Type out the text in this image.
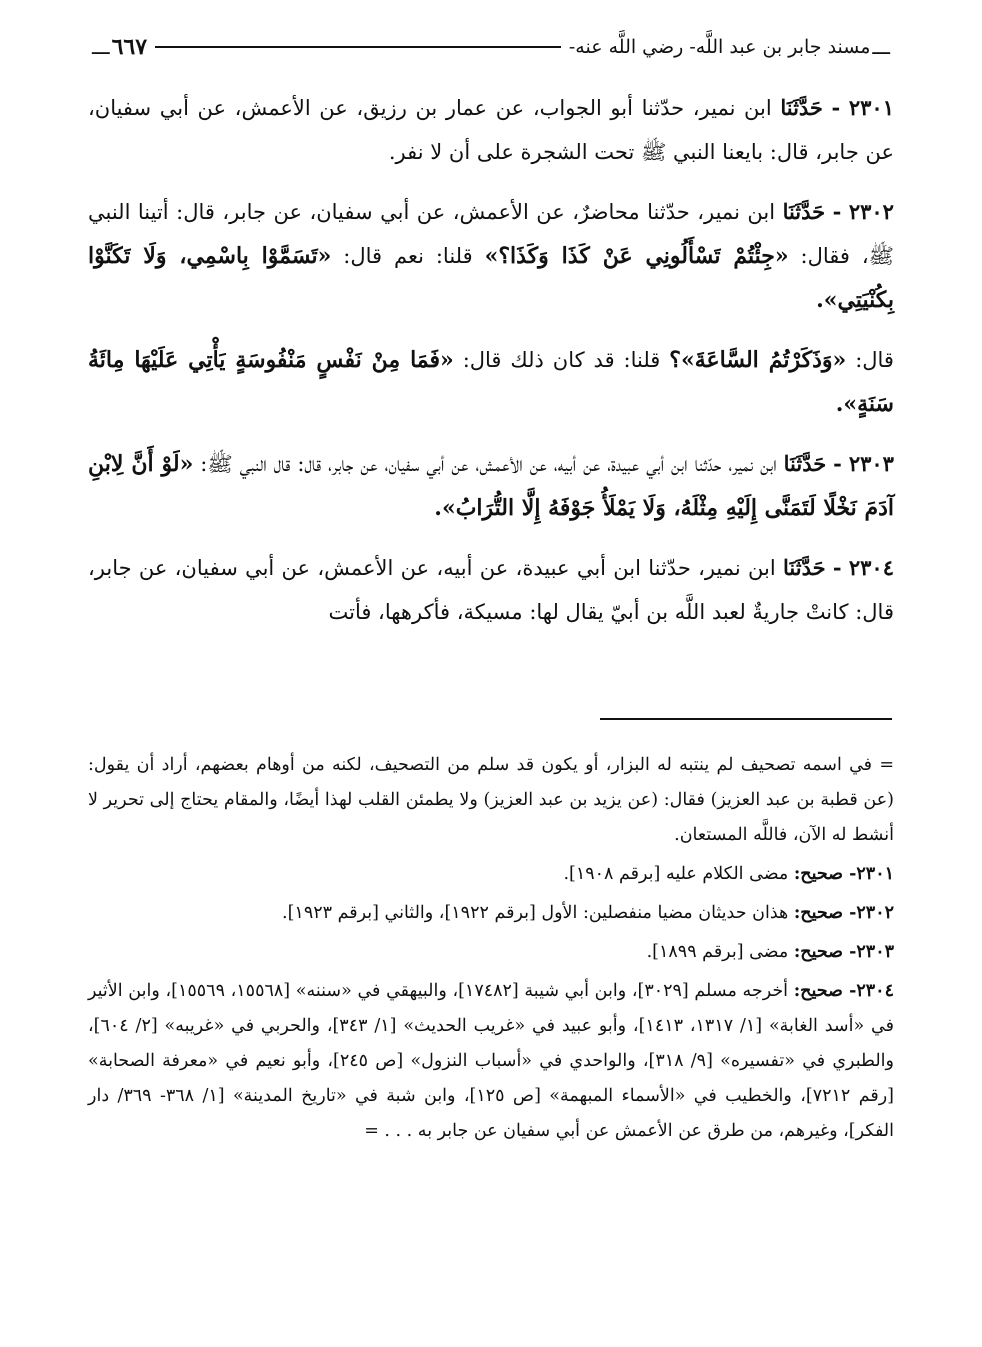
ـــ
مسند جابر بن عبد اللَّه- رضي اللَّه عنه-
٦٦٧
ـــ

٢٣٠١ - حَدَّثَنَا ابن نمير، حدّثنا أبو الجواب، عن عمار بن رزيق، عن الأعمش، عن أبي سفيان، عن جابر، قال: بايعنا النبي ﷺ تحت الشجرة على أن لا نفر.

٢٣٠٢ - حَدَّثَنَا ابن نمير، حدّثنا محاضرٌ، عن الأعمش، عن أبي سفيان، عن جابر، قال: أتينا النبي ﷺ، فقال: «جِئْتُمْ تَسْأَلُونِي عَنْ كَذَا وَكَذَا؟» قلنا: نعم قال: «تَسَمَّوْا بِاسْمِي، وَلَا تَكَنَّوْا بِكُنْيَتِي».

قال: «وَذَكَرْتُمُ السَّاعَةَ»؟ قلنا: قد كان ذلك قال: «فَمَا مِنْ نَفْسٍ مَنْفُوسَةٍ يَأْتِي عَلَيْهَا مِائَةُ سَنَةٍ».

٢٣٠٣ - حَدَّثَنَا ابن نمير، حدّثنا ابن أبي عبيدة، عن أبيه، عن الأعمش، عن أبي سفيان، عن جابر، قال: قال النبي ﷺ: «لَوْ أَنَّ لِابْنِ آدَمَ نَخْلًا لَتَمَنَّى إِلَيْهِ مِثْلَهُ، وَلَا يَمْلَأُ جَوْفَهُ إِلَّا التُّرَابُ».

٢٣٠٤ - حَدَّثَنَا ابن نمير، حدّثنا ابن أبي عبيدة، عن أبيه، عن الأعمش، عن أبي سفيان، عن جابر، قال: كانتْ جاريةٌ لعبد اللَّه بن أبيّ يقال لها: مسيكة، فأكرهها، فأتت

= في اسمه تصحيف لم ينتبه له البزار، أو يكون قد سلم من التصحيف، لكنه من أوهام بعضهم، أراد أن يقول: (عن قطبة بن عبد العزيز) فقال: (عن يزيد بن عبد العزيز) ولا يطمئن القلب لهذا أيضًا، والمقام يحتاج إلى تحرير لا أنشط له الآن، فاللَّه المستعان.

٢٣٠١- صحيح: مضى الكلام عليه [برقم ١٩٠٨].

٢٣٠٢- صحيح: هذان حديثان مضيا منفصلين: الأول [برقم ١٩٢٢]، والثاني [برقم ١٩٢٣].

٢٣٠٣- صحيح: مضى [برقم ١٨٩٩].

٢٣٠٤- صحيح: أخرجه مسلم [٣٠٢٩]، وابن أبي شيبة [١٧٤٨٢]، والبيهقي في «سننه» [١٥٥٦٨، ١٥٥٦٩]، وابن الأثير في «أسد الغابة» [١/ ١٣١٧، ١٤١٣]، وأبو عبيد في «غريب الحديث» [١/ ٣٤٣]، والحربي في «غريبه» [٢/ ٦٠٤]، والطبري في «تفسيره» [٩/ ٣١٨]، والواحدي في «أسباب النزول» [ص ٢٤٥]، وأبو نعيم في «معرفة الصحابة» [رقم ٧٢١٢]، والخطيب في «الأسماء المبهمة» [ص ١٢٥]، وابن شبة في «تاريخ المدينة» [١/ ٣٦٨- ٣٦٩/ دار الفكر]، وغيرهم، من طرق عن الأعمش عن أبي سفيان عن جابر به . . . =
